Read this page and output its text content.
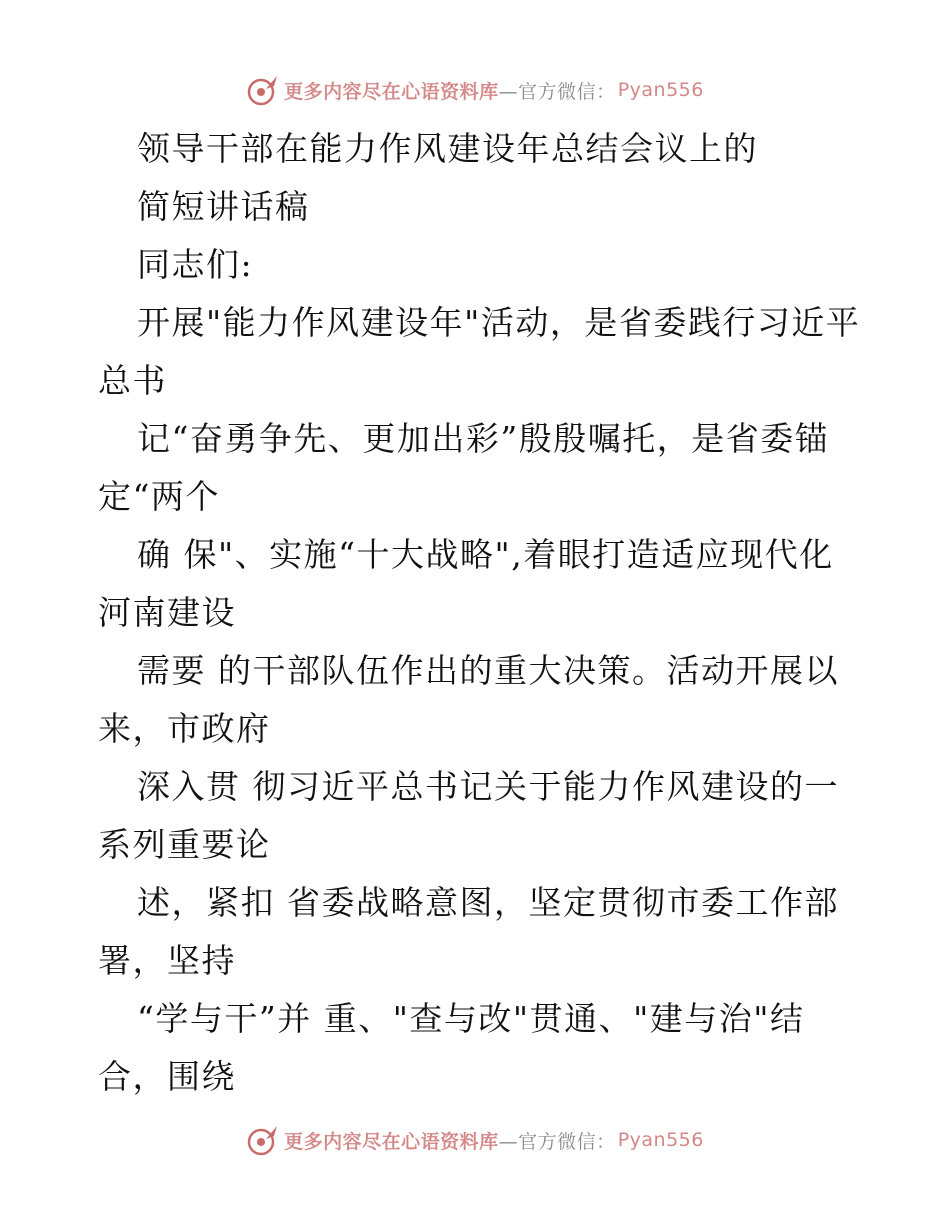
更多内容尽在心语资料库 —官方微信： Pyan556
领导干部在能力作风建设年总结会议上的
简短讲话稿
同志们:
开展"能力作风建设年"活动，是省委践行习近平
总书
记“奋勇争先、更加出彩”殷殷嘱托，是省委锚
定“两个
确 保"、实施“十大战略",着眼打造适应现代化
河南建设
需要 的干部队伍作出的重大决策。活动开展以
来，市政府
深入贯 彻习近平总书记关于能力作风建设的一
系列重要论
述，紧扣 省委战略意图，坚定贯彻市委工作部
署，坚持
“学与干”并 重、"查与改"贯通、"建与治"结
合，围绕
更多内容尽在心语资料库 —官方微信： Pyan556
